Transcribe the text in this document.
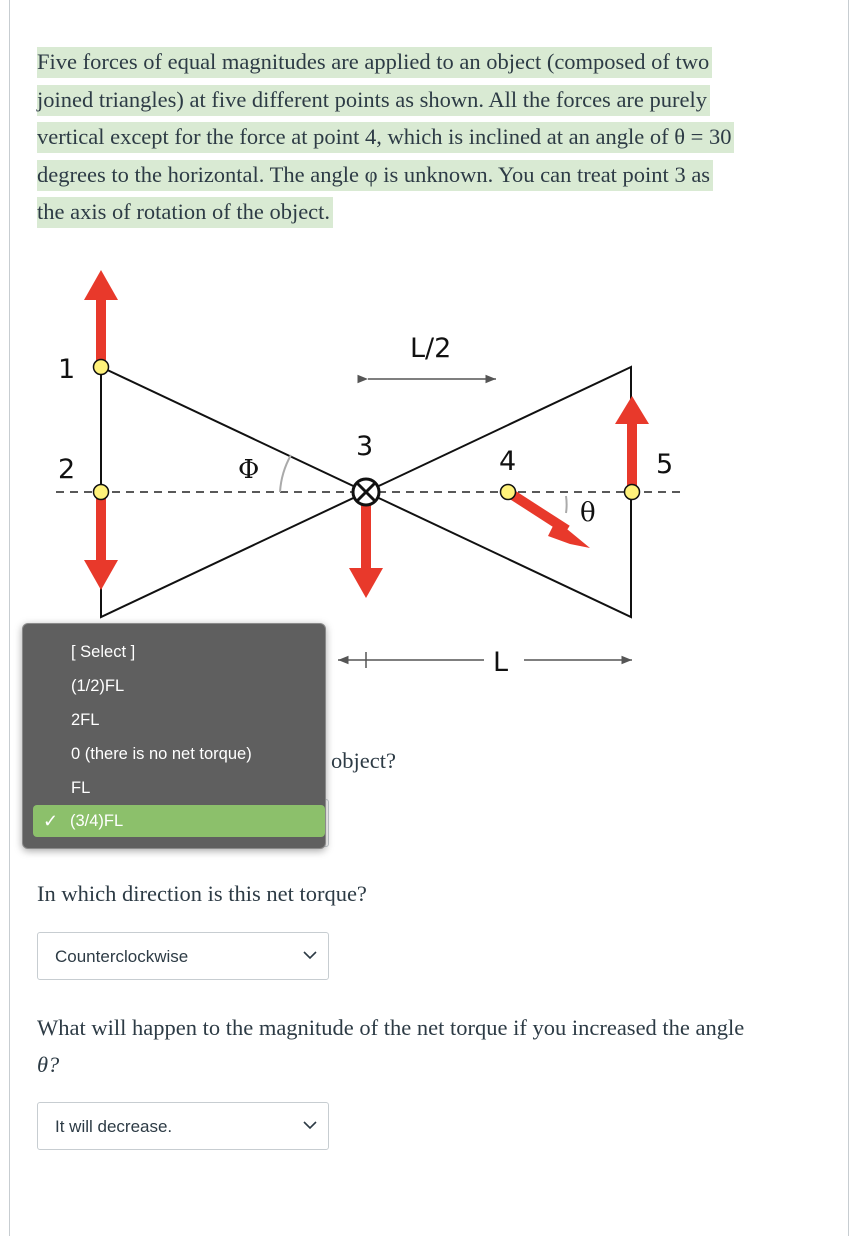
Five forces of equal magnitudes are applied to an object (composed of two
joined triangles) at five different points as shown. All the forces are purely
vertical except for the force at point 4, which is inclined at an angle of θ = 30
degrees to the horizontal. The angle φ is unknown. You can treat point 3 as
the axis of rotation of the object.
1
2
3	4	5
L/2
L
Φ
θ
object?
[ Select ]
(1/2)FL
2FL
0 (there is no net torque)
FL
✓ (3/4)FL
In which direction is this net torque?
Counterclockwise
What will happen to the magnitude of the net torque if you increased the angle
θ?
It will decrease.
